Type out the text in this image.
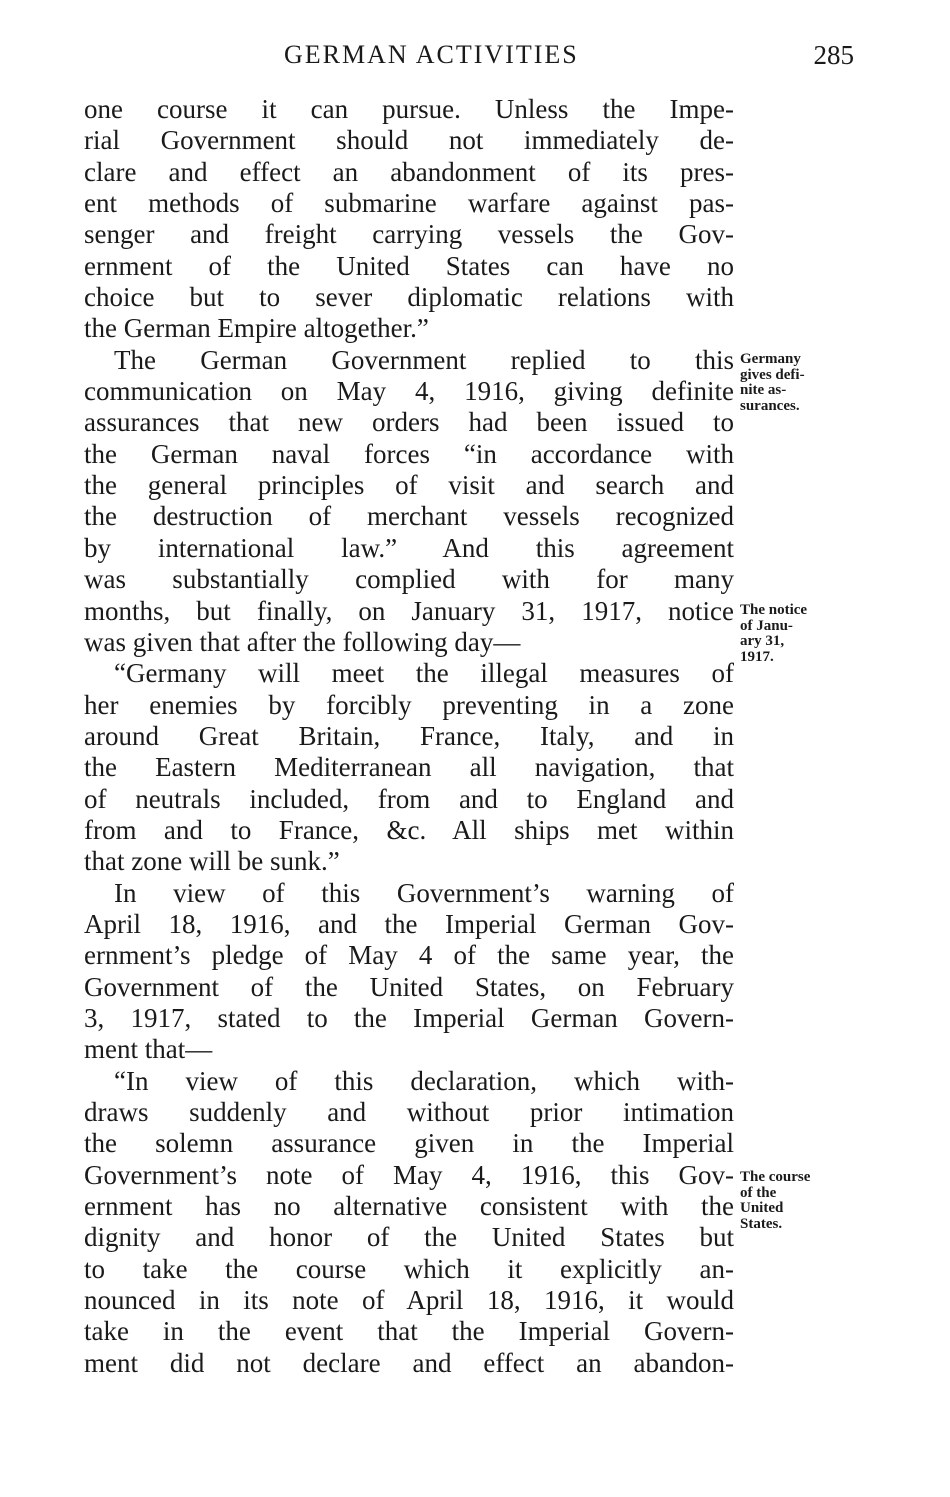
GERMAN ACTIVITIES	285
one course it can pursue. Unless the Impe-
rial Government should not immediately de-
clare and effect an abandonment of its pres-
ent methods of submarine warfare against pas-
senger and freight carrying vessels the Gov-
ernment of the United States can have no
choice but to sever diplomatic relations with
the German Empire altogether.”
The German Government replied to this
communication on May 4, 1916, giving definite
assurances that new orders had been issued to
the German naval forces “in accordance with
the general principles of visit and search and
the destruction of merchant vessels recognized
by international law.” And this agreement
was substantially complied with for many
months, but finally, on January 31, 1917, notice
was given that after the following day—
“Germany will meet the illegal measures of
her enemies by forcibly preventing in a zone
around Great Britain, France, Italy, and in
the Eastern Mediterranean all navigation, that
of neutrals included, from and to England and
from and to France, &c. All ships met within
that zone will be sunk.”
In view of this Government’s warning of
April 18, 1916, and the Imperial German Gov-
ernment’s pledge of May 4 of the same year, the
Government of the United States, on February
3, 1917, stated to the Imperial German Govern-
ment that—
“In view of this declaration, which with-
draws suddenly and without prior intimation
the solemn assurance given in the Imperial
Government’s note of May 4, 1916, this Gov-
ernment has no alternative consistent with the
dignity and honor of the United States but
to take the course which it explicitly an-
nounced in its note of April 18, 1916, it would
take in the event that the Imperial Govern-
ment did not declare and effect an abandon-
Germany
gives defi-
nite as-
surances.
The notice
of Janu-
ary 31,
1917.
The course
of the
United
States.
